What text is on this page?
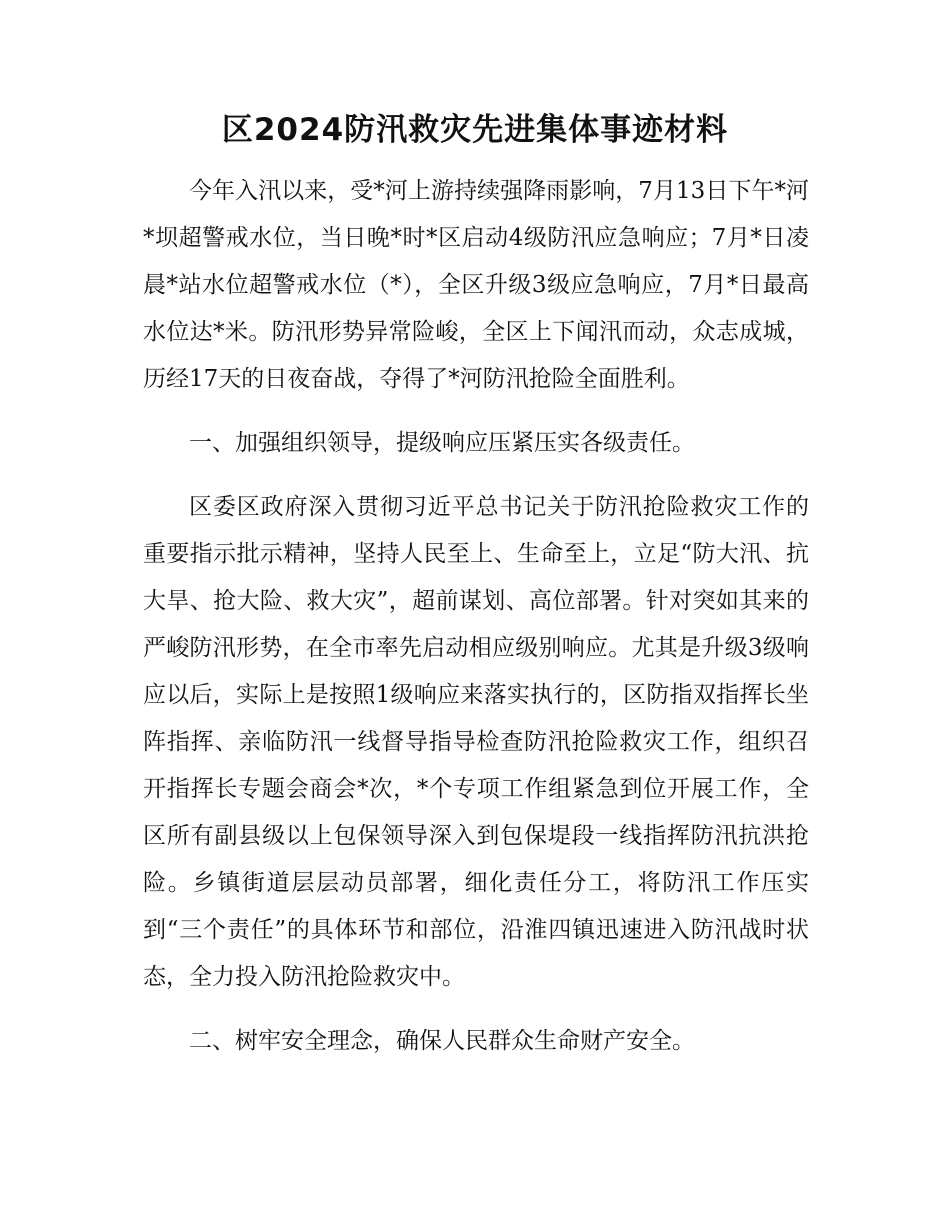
区2024防汛救灾先进集体事迹材料

今年入汛以来，受*河上游持续强降雨影响，7月13日下午*河*坝超警戒水位，当日晚*时*区启动4级防汛应急响应；7月*日凌晨*站水位超警戒水位（*），全区升级3级应急响应，7月*日最高水位达*米。防汛形势异常险峻，全区上下闻汛而动，众志成城，历经17天的日夜奋战，夺得了*河防汛抢险全面胜利。

一、加强组织领导，提级响应压紧压实各级责任。

区委区政府深入贯彻习近平总书记关于防汛抢险救灾工作的重要指示批示精神，坚持人民至上、生命至上，立足“防大汛、抗大旱、抢大险、救大灾”，超前谋划、高位部署。针对突如其来的严峻防汛形势，在全市率先启动相应级别响应。尤其是升级3级响应以后，实际上是按照1级响应来落实执行的，区防指双指挥长坐阵指挥、亲临防汛一线督导指导检查防汛抢险救灾工作，组织召开指挥长专题会商会*次，*个专项工作组紧急到位开展工作，全区所有副县级以上包保领导深入到包保堤段一线指挥防汛抗洪抢险。乡镇街道层层动员部署，细化责任分工，将防汛工作压实到“三个责任”的具体环节和部位，沿淮四镇迅速进入防汛战时状态，全力投入防汛抢险救灾中。

二、树牢安全理念，确保人民群众生命财产安全。
